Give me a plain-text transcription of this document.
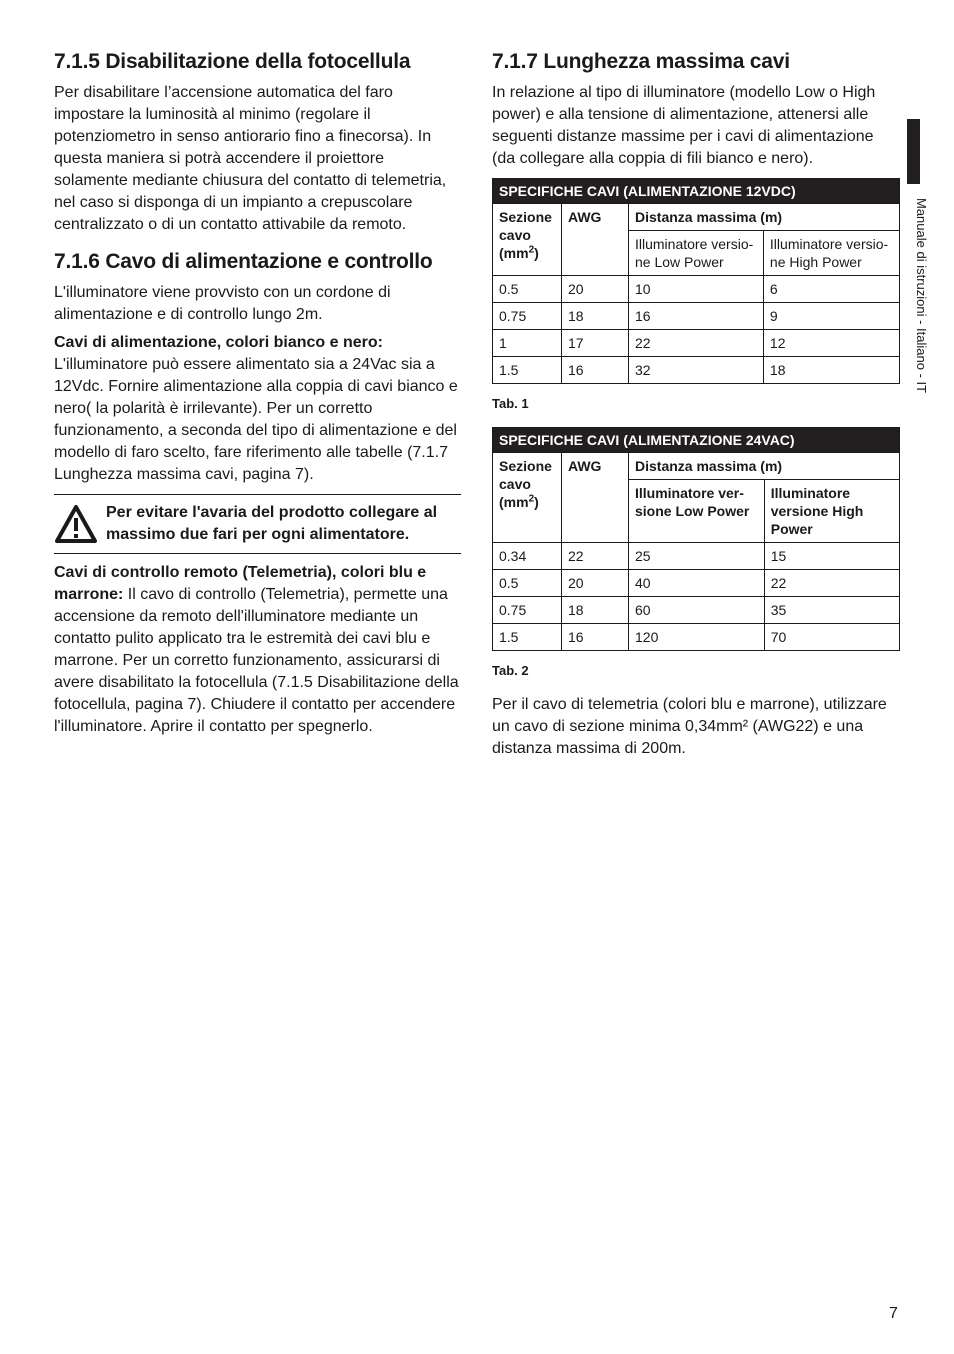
Manuale di istruzioni - Italiano - IT
7.1.5 Disabilitazione della fotocellula

Per disabilitare l’accensione automatica del faro impostare la luminosità al minimo (regolare il potenziometro in senso antiorario fino a finecorsa). In questa maniera si potrà accendere il proiettore solamente mediante chiusura del contatto di telemetria, nel caso si disponga di un impianto a crepuscolare centralizzato o di un contatto attivabile da remoto.

7.1.6 Cavo di alimentazione e controllo

L'illuminatore viene provvisto con un cordone di alimentazione e di controllo lungo 2m.

Cavi di alimentazione, colori bianco e nero: L'illuminatore può essere alimentato sia a 24Vac sia a 12Vdc. Fornire alimentazione alla coppia di cavi bianco e nero( la polarità è irrilevante). Per un corretto funzionamento, a seconda del tipo di alimentazione e del modello di faro scelto, fare riferimento alle tabelle (7.1.7 Lunghezza massima cavi, pagina 7).

Per evitare l'avaria del prodotto collegare al massimo due fari per ogni alimentatore.

Cavi di controllo remoto (Telemetria), colori blu e marrone: Il cavo di controllo (Telemetria), permette una accensione da remoto dell'illuminatore mediante un contatto pulito applicato tra le estremità dei cavi blu e marrone. Per un corretto funzionamento, assicurarsi di avere disabilitato la fotocellula (7.1.5 Disabilitazione della fotocellula, pagina 7). Chiudere il contatto per accendere l'illuminatore. Aprire il contatto per spegnerlo.

7.1.7 Lunghezza massima cavi

In relazione al tipo di illuminatore (modello Low o High power) e alla tensione di alimentazione, attenersi alle seguenti distanze massime per i cavi di alimentazione (da collegare alla coppia di fili bianco e nero).

SPECIFICHE CAVI (ALIMENTAZIONE 12VDC)			
Sezione cavo $(mm^2)$	AWG	Distanza massima (m)	
		Illuminatore versio-ne Low Power	Illuminatore versio-ne High Power
0.5	20	10	6
0.75	18	16	9
1	17	22	12
1.5	16	32	18
Tab. 1
SPECIFICHE CAVI (ALIMENTAZIONE 24VAC)			
Sezione cavo $(mm^2)$	AWG	Distanza massima (m)	
		Illuminatore ver-sione Low Power	Illuminatore versione High Power
0.34	22	25	15
0.5	20	40	22
0.75	18	60	35
1.5	16	120	70
Tab. 2

Per il cavo di telemetria (colori blu e marrone), utilizzare un cavo di sezione minima 0,34mm² (AWG22) e una distanza massima di 200m.

7
